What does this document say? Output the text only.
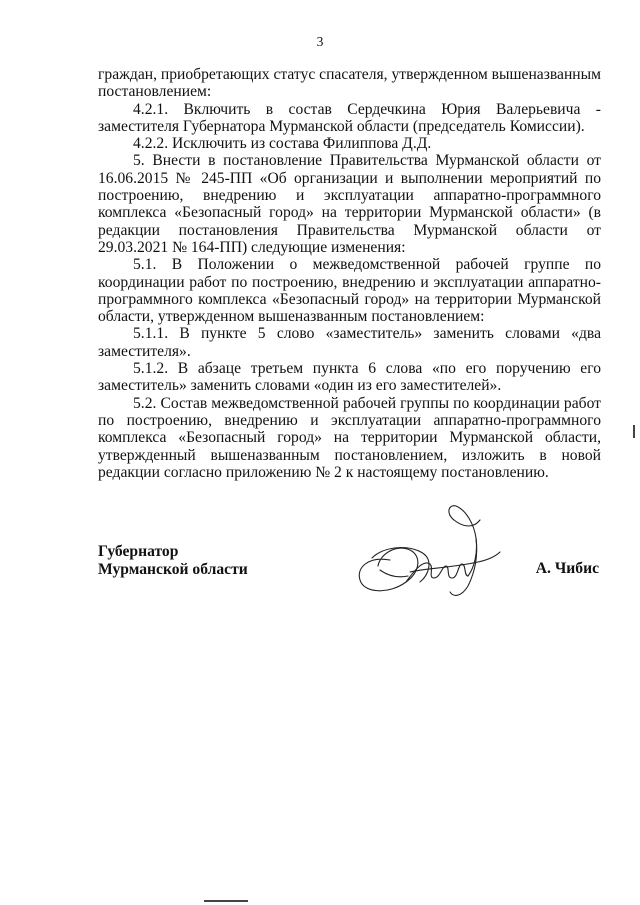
3

граждан, приобретающих статус спасателя, утвержденном вышеназванным постановлением:

4.2.1. Включить в состав Сердечкина Юрия Валерьевича - заместителя Губернатора Мурманской области (председатель Комиссии).

4.2.2. Исключить из состава Филиппова Д.Д.

5. Внести в постановление Правительства Мурманской области от 16.06.2015 № 245-ПП «Об организации и выполнении мероприятий по построению, внедрению и эксплуатации аппаратно-программного комплекса «Безопасный город» на территории Мурманской области» (в редакции постановления Правительства Мурманской области от 29.03.2021 № 164-ПП) следующие изменения:

5.1. В Положении о межведомственной рабочей группе по координации работ по построению, внедрению и эксплуатации аппаратно-программного комплекса «Безопасный город» на территории Мурманской области, утвержденном вышеназванным постановлением:

5.1.1. В пункте 5 слово «заместитель» заменить словами «два заместителя».

5.1.2. В абзаце третьем пункта 6 слова «по его поручению его заместитель» заменить словами «один из его заместителей».

5.2. Состав межведомственной рабочей группы по координации работ по построению, внедрению и эксплуатации аппаратно-программного комплекса «Безопасный город» на территории Мурманской области, утвержденный вышеназванным постановлением, изложить в новой редакции согласно приложению № 2 к настоящему постановлению.

Губернатор
Мурманской области	А. Чибис
